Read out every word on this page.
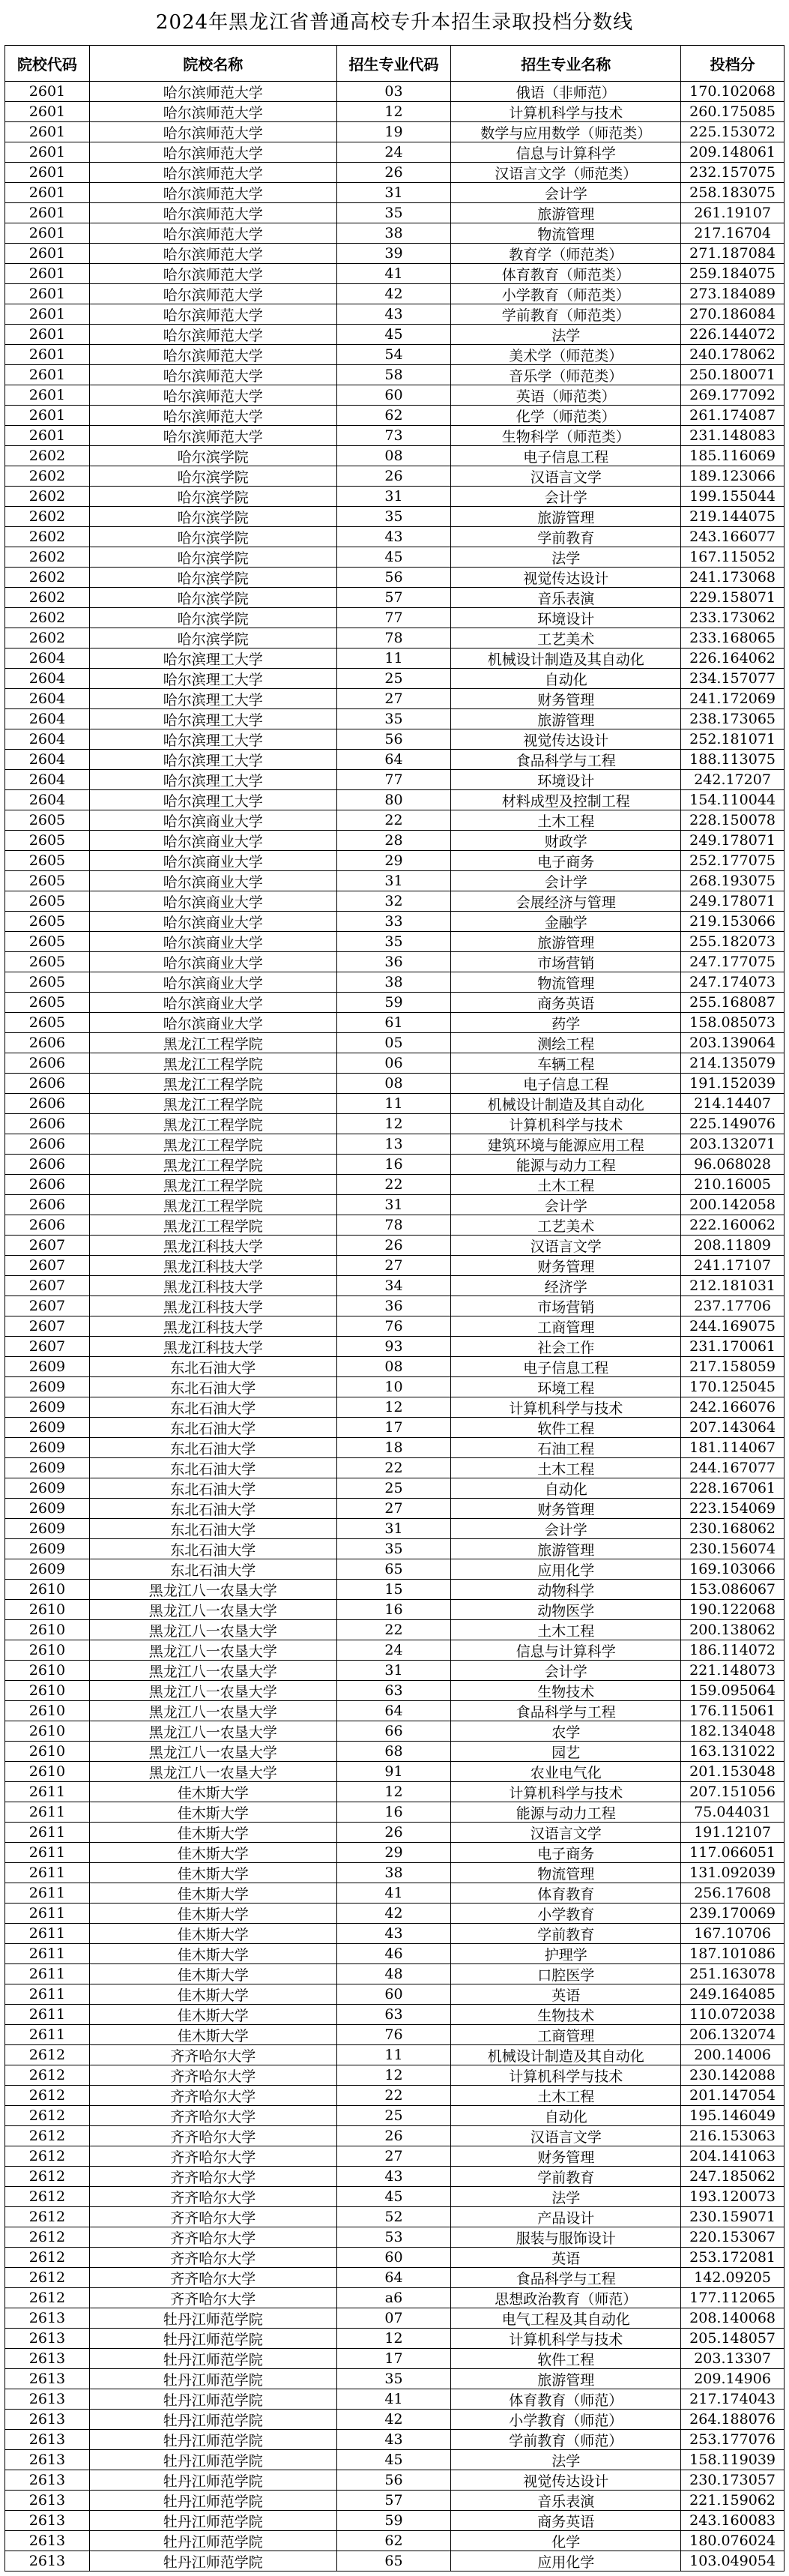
2024年黑龙江省普通高校专升本招生录取投档分数线
院校代码	院校名称	招生专业代码	招生专业名称	投档分
2601	哈尔滨师范大学	03	俄语（非师范）	170.102068
2601	哈尔滨师范大学	12	计算机科学与技术	260.175085
2601	哈尔滨师范大学	19	数学与应用数学（师范类）	225.153072
2601	哈尔滨师范大学	24	信息与计算科学	209.148061
2601	哈尔滨师范大学	26	汉语言文学（师范类）	232.157075
2601	哈尔滨师范大学	31	会计学	258.183075
2601	哈尔滨师范大学	35	旅游管理	261.19107
2601	哈尔滨师范大学	38	物流管理	217.16704
2601	哈尔滨师范大学	39	教育学（师范类）	271.187084
2601	哈尔滨师范大学	41	体育教育（师范类）	259.184075
2601	哈尔滨师范大学	42	小学教育（师范类）	273.184089
2601	哈尔滨师范大学	43	学前教育（师范类）	270.186084
2601	哈尔滨师范大学	45	法学	226.144072
2601	哈尔滨师范大学	54	美术学（师范类）	240.178062
2601	哈尔滨师范大学	58	音乐学（师范类）	250.180071
2601	哈尔滨师范大学	60	英语（师范类）	269.177092
2601	哈尔滨师范大学	62	化学（师范类）	261.174087
2601	哈尔滨师范大学	73	生物科学（师范类）	231.148083
2602	哈尔滨学院	08	电子信息工程	185.116069
2602	哈尔滨学院	26	汉语言文学	189.123066
2602	哈尔滨学院	31	会计学	199.155044
2602	哈尔滨学院	35	旅游管理	219.144075
2602	哈尔滨学院	43	学前教育	243.166077
2602	哈尔滨学院	45	法学	167.115052
2602	哈尔滨学院	56	视觉传达设计	241.173068
2602	哈尔滨学院	57	音乐表演	229.158071
2602	哈尔滨学院	77	环境设计	233.173062
2602	哈尔滨学院	78	工艺美术	233.168065
2604	哈尔滨理工大学	11	机械设计制造及其自动化	226.164062
2604	哈尔滨理工大学	25	自动化	234.157077
2604	哈尔滨理工大学	27	财务管理	241.172069
2604	哈尔滨理工大学	35	旅游管理	238.173065
2604	哈尔滨理工大学	56	视觉传达设计	252.181071
2604	哈尔滨理工大学	64	食品科学与工程	188.113075
2604	哈尔滨理工大学	77	环境设计	242.17207
2604	哈尔滨理工大学	80	材料成型及控制工程	154.110044
2605	哈尔滨商业大学	22	土木工程	228.150078
2605	哈尔滨商业大学	28	财政学	249.178071
2605	哈尔滨商业大学	29	电子商务	252.177075
2605	哈尔滨商业大学	31	会计学	268.193075
2605	哈尔滨商业大学	32	会展经济与管理	249.178071
2605	哈尔滨商业大学	33	金融学	219.153066
2605	哈尔滨商业大学	35	旅游管理	255.182073
2605	哈尔滨商业大学	36	市场营销	247.177075
2605	哈尔滨商业大学	38	物流管理	247.174073
2605	哈尔滨商业大学	59	商务英语	255.168087
2605	哈尔滨商业大学	61	药学	158.085073
2606	黑龙江工程学院	05	测绘工程	203.139064
2606	黑龙江工程学院	06	车辆工程	214.135079
2606	黑龙江工程学院	08	电子信息工程	191.152039
2606	黑龙江工程学院	11	机械设计制造及其自动化	214.14407
2606	黑龙江工程学院	12	计算机科学与技术	225.149076
2606	黑龙江工程学院	13	建筑环境与能源应用工程	203.132071
2606	黑龙江工程学院	16	能源与动力工程	96.068028
2606	黑龙江工程学院	22	土木工程	210.16005
2606	黑龙江工程学院	31	会计学	200.142058
2606	黑龙江工程学院	78	工艺美术	222.160062
2607	黑龙江科技大学	26	汉语言文学	208.11809
2607	黑龙江科技大学	27	财务管理	241.17107
2607	黑龙江科技大学	34	经济学	212.181031
2607	黑龙江科技大学	36	市场营销	237.17706
2607	黑龙江科技大学	76	工商管理	244.169075
2607	黑龙江科技大学	93	社会工作	231.170061
2609	东北石油大学	08	电子信息工程	217.158059
2609	东北石油大学	10	环境工程	170.125045
2609	东北石油大学	12	计算机科学与技术	242.166076
2609	东北石油大学	17	软件工程	207.143064
2609	东北石油大学	18	石油工程	181.114067
2609	东北石油大学	22	土木工程	244.167077
2609	东北石油大学	25	自动化	228.167061
2609	东北石油大学	27	财务管理	223.154069
2609	东北石油大学	31	会计学	230.168062
2609	东北石油大学	35	旅游管理	230.156074
2609	东北石油大学	65	应用化学	169.103066
2610	黑龙江八一农垦大学	15	动物科学	153.086067
2610	黑龙江八一农垦大学	16	动物医学	190.122068
2610	黑龙江八一农垦大学	22	土木工程	200.138062
2610	黑龙江八一农垦大学	24	信息与计算科学	186.114072
2610	黑龙江八一农垦大学	31	会计学	221.148073
2610	黑龙江八一农垦大学	63	生物技术	159.095064
2610	黑龙江八一农垦大学	64	食品科学与工程	176.115061
2610	黑龙江八一农垦大学	66	农学	182.134048
2610	黑龙江八一农垦大学	68	园艺	163.131022
2610	黑龙江八一农垦大学	91	农业电气化	201.153048
2611	佳木斯大学	12	计算机科学与技术	207.151056
2611	佳木斯大学	16	能源与动力工程	75.044031
2611	佳木斯大学	26	汉语言文学	191.12107
2611	佳木斯大学	29	电子商务	117.066051
2611	佳木斯大学	38	物流管理	131.092039
2611	佳木斯大学	41	体育教育	256.17608
2611	佳木斯大学	42	小学教育	239.170069
2611	佳木斯大学	43	学前教育	167.10706
2611	佳木斯大学	46	护理学	187.101086
2611	佳木斯大学	48	口腔医学	251.163078
2611	佳木斯大学	60	英语	249.164085
2611	佳木斯大学	63	生物技术	110.072038
2611	佳木斯大学	76	工商管理	206.132074
2612	齐齐哈尔大学	11	机械设计制造及其自动化	200.14006
2612	齐齐哈尔大学	12	计算机科学与技术	230.142088
2612	齐齐哈尔大学	22	土木工程	201.147054
2612	齐齐哈尔大学	25	自动化	195.146049
2612	齐齐哈尔大学	26	汉语言文学	216.153063
2612	齐齐哈尔大学	27	财务管理	204.141063
2612	齐齐哈尔大学	43	学前教育	247.185062
2612	齐齐哈尔大学	45	法学	193.120073
2612	齐齐哈尔大学	52	产品设计	230.159071
2612	齐齐哈尔大学	53	服装与服饰设计	220.153067
2612	齐齐哈尔大学	60	英语	253.172081
2612	齐齐哈尔大学	64	食品科学与工程	142.09205
2612	齐齐哈尔大学	a6	思想政治教育（师范）	177.112065
2613	牡丹江师范学院	07	电气工程及其自动化	208.140068
2613	牡丹江师范学院	12	计算机科学与技术	205.148057
2613	牡丹江师范学院	17	软件工程	203.13307
2613	牡丹江师范学院	35	旅游管理	209.14906
2613	牡丹江师范学院	41	体育教育（师范）	217.174043
2613	牡丹江师范学院	42	小学教育（师范）	264.188076
2613	牡丹江师范学院	43	学前教育（师范）	253.177076
2613	牡丹江师范学院	45	法学	158.119039
2613	牡丹江师范学院	56	视觉传达设计	230.173057
2613	牡丹江师范学院	57	音乐表演	221.159062
2613	牡丹江师范学院	59	商务英语	243.160083
2613	牡丹江师范学院	62	化学	180.076024
2613	牡丹江师范学院	65	应用化学	103.049054
